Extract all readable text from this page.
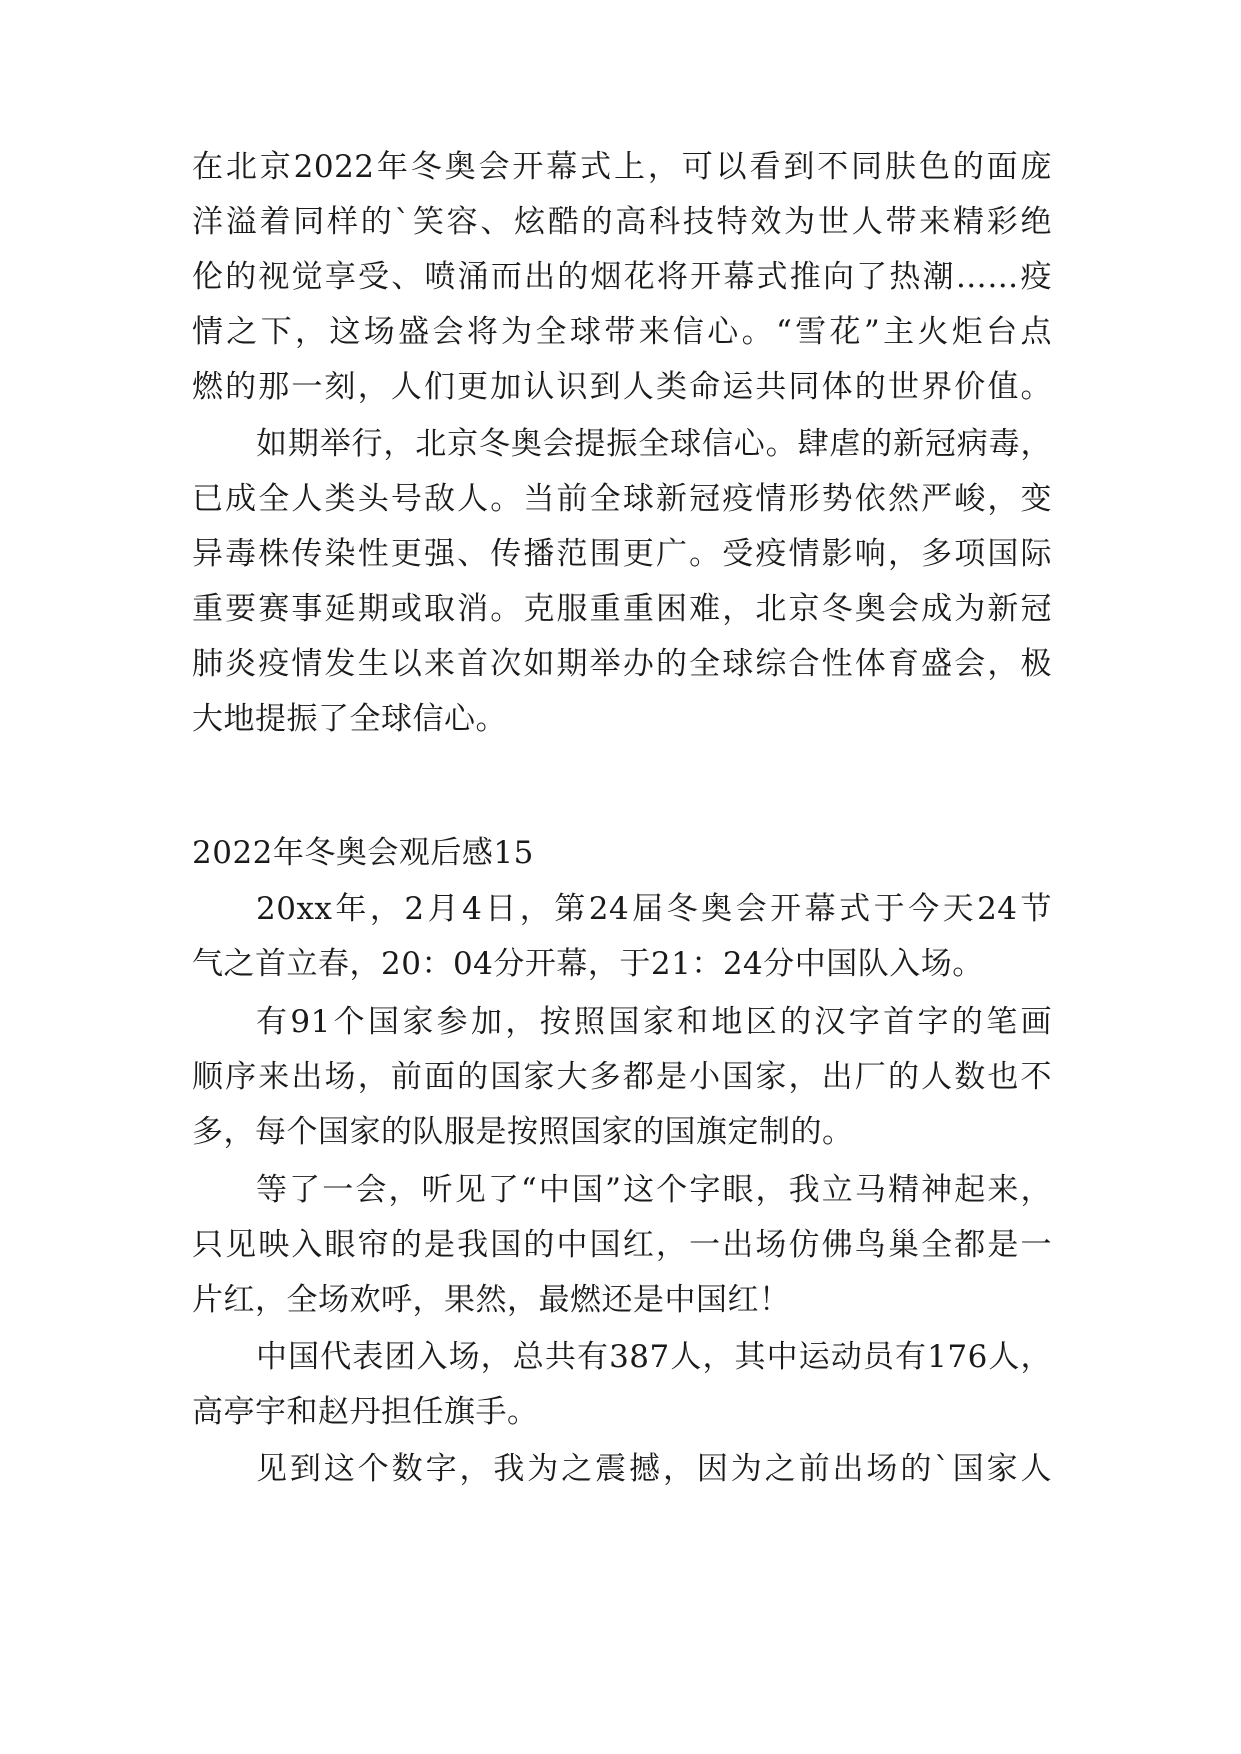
在北京2022年冬奥会开幕式上，可以看到不同肤色的面庞
洋溢着同样的`笑容、炫酷的高科技特效为世人带来精彩绝
伦的视觉享受、喷涌而出的烟花将开幕式推向了热潮……疫
情之下，这场盛会将为全球带来信心。“雪花”主火炬台点
燃的那一刻，人们更加认识到人类命运共同体的世界价值。
如期举行，北京冬奥会提振全球信心。肆虐的新冠病毒，
已成全人类头号敌人。当前全球新冠疫情形势依然严峻，变
异毒株传染性更强、传播范围更广。受疫情影响，多项国际
重要赛事延期或取消。克服重重困难，北京冬奥会成为新冠
肺炎疫情发生以来首次如期举办的全球综合性体育盛会，极
大地提振了全球信心。
2022年冬奥会观后感15
20xx年，2月4日，第24届冬奥会开幕式于今天24节
气之首立春，20：04分开幕，于21：24分中国队入场。
有91个国家参加，按照国家和地区的汉字首字的笔画
顺序来出场，前面的国家大多都是小国家，出厂的人数也不
多，每个国家的队服是按照国家的国旗定制的。
等了一会，听见了“中国”这个字眼，我立马精神起来，
只见映入眼帘的是我国的中国红，一出场仿佛鸟巢全都是一
片红，全场欢呼，果然，最燃还是中国红！
中国代表团入场，总共有387人，其中运动员有176人，
高亭宇和赵丹担任旗手。
见到这个数字，我为之震撼，因为之前出场的`国家人
